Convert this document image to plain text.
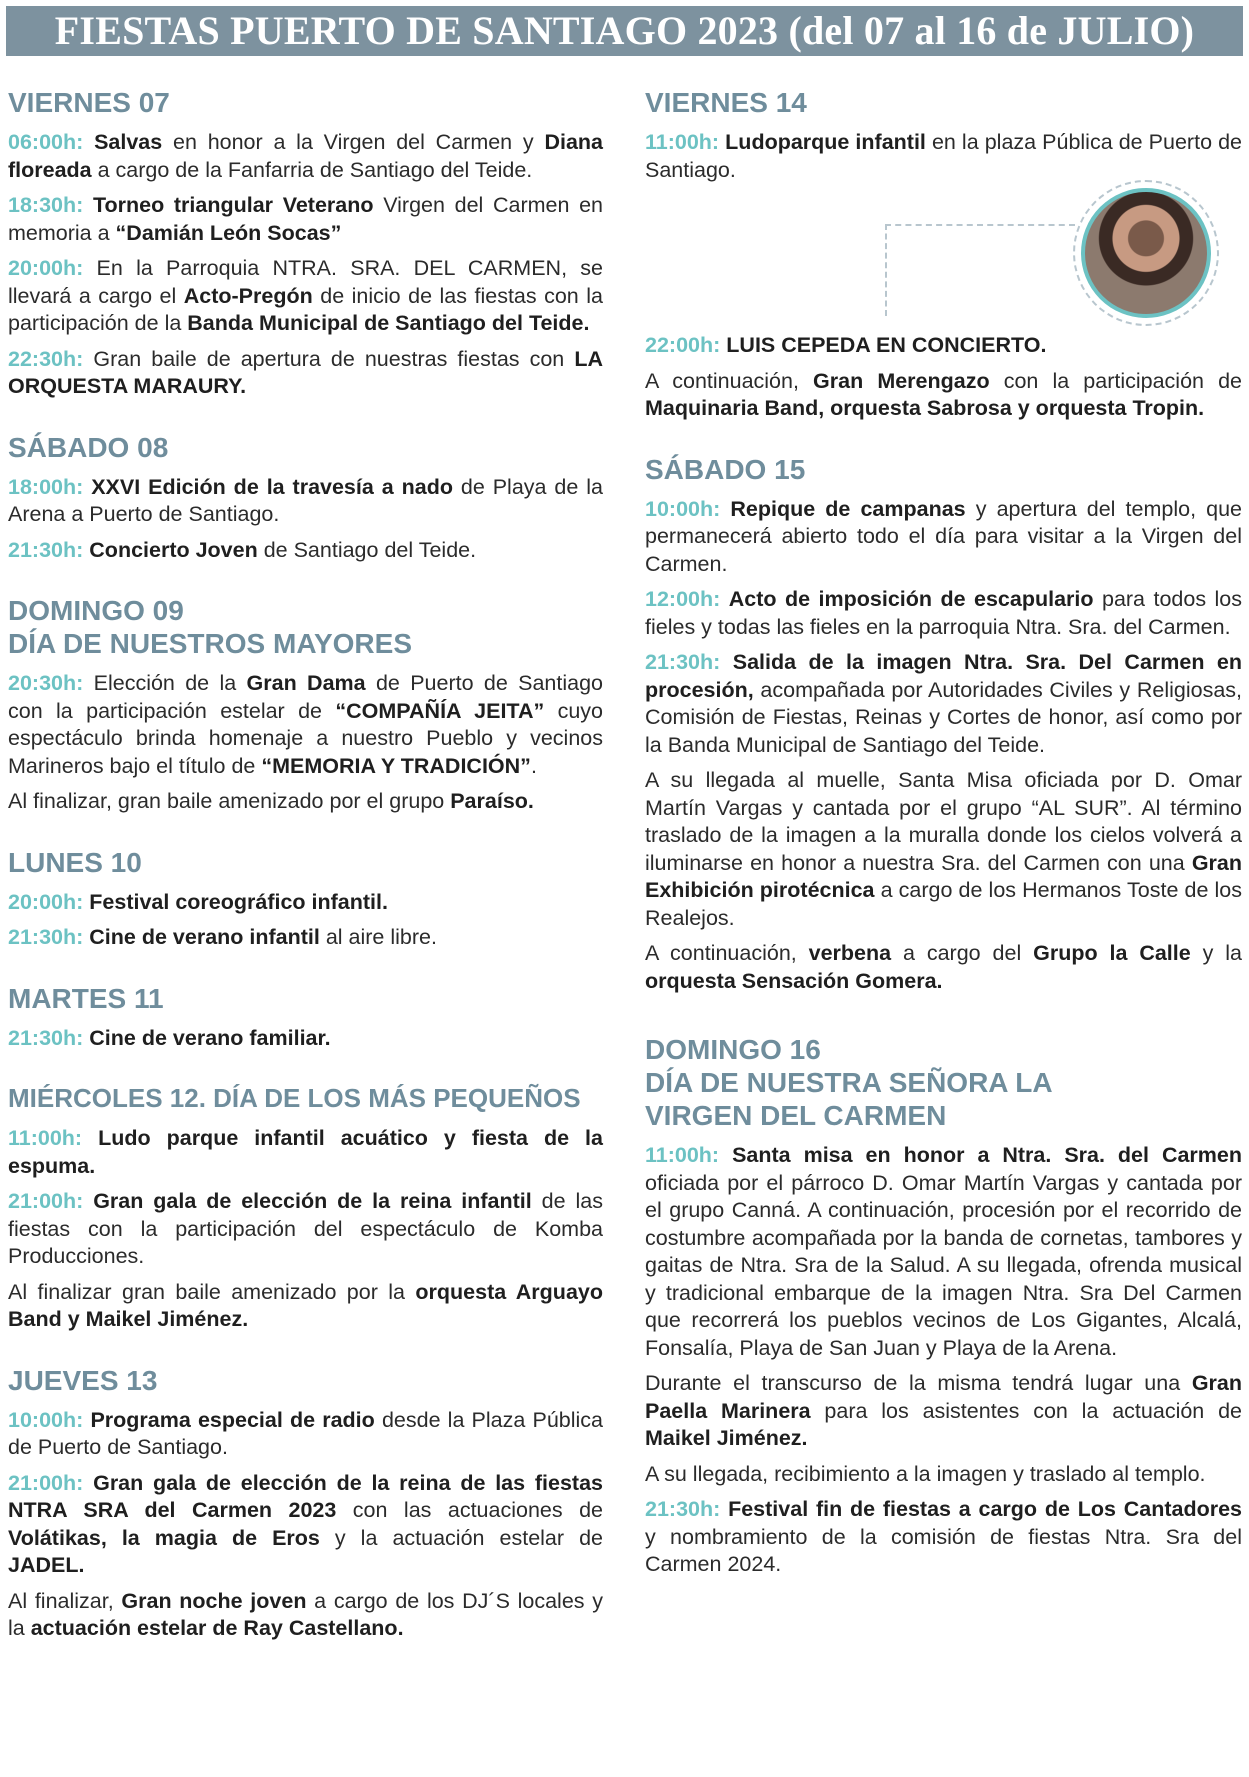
FIESTAS PUERTO DE SANTIAGO 2023 (del 07 al 16 de JULIO)
VIERNES 07
06:00h: Salvas en honor a la Virgen del Carmen y Diana floreada a cargo de la Fanfarria de Santiago del Teide.
18:30h: Torneo triangular Veterano Virgen del Carmen en memoria a “Damián León Socas”
20:00h: En la Parroquia NTRA. SRA. DEL CARMEN, se llevará a cargo el Acto-Pregón de inicio de las fiestas con la participación de la Banda Municipal de Santiago del Teide.
22:30h: Gran baile de apertura de nuestras fiestas con LA ORQUESTA MARAURY.
SÁBADO 08
18:00h: XXVI Edición de la travesía a nado de Playa de la Arena a Puerto de Santiago.
21:30h: Concierto Joven de Santiago del Teide.
DOMINGO 09
DÍA DE NUESTROS MAYORES
20:30h: Elección de la Gran Dama de Puerto de Santiago con la participación estelar de “COMPAÑÍA JEITA” cuyo espectáculo brinda homenaje a nuestro Pueblo y vecinos Marineros bajo el título de “MEMORIA Y TRADICIÓN”.
Al finalizar, gran baile amenizado por el grupo Paraíso.
LUNES 10
20:00h: Festival coreográfico infantil.
21:30h: Cine de verano infantil al aire libre.
MARTES 11
21:30h: Cine de verano familiar.
MIÉRCOLES 12. DÍA DE LOS MÁS PEQUEÑOS
11:00h: Ludo parque infantil acuático y fiesta de la espuma.
21:00h: Gran gala de elección de la reina infantil de las fiestas con la participación del espectáculo de Komba Producciones.
Al finalizar gran baile amenizado por la orquesta Arguayo Band y Maikel Jiménez.
JUEVES 13
10:00h: Programa especial de radio desde la Plaza Pública de Puerto de Santiago.
21:00h: Gran gala de elección de la reina de las fiestas NTRA SRA del Carmen 2023 con las actuaciones de Volátikas, la magia de Eros y la actuación estelar de JADEL.
Al finalizar, Gran noche joven a cargo de los DJ´S locales y la actuación estelar de Ray Castellano.
VIERNES 14
11:00h: Ludoparque infantil en la plaza Pública de Puerto de Santiago.
22:00h: LUIS CEPEDA EN CONCIERTO.
A continuación, Gran Merengazo con la participación de Maquinaria Band, orquesta Sabrosa y orquesta Tropin.
SÁBADO 15
10:00h: Repique de campanas y apertura del templo, que permanecerá abierto todo el día para visitar a la Virgen del Carmen.
12:00h: Acto de imposición de escapulario para todos los fieles y todas las fieles en la parroquia Ntra. Sra. del Carmen.
21:30h: Salida de la imagen Ntra. Sra. Del Carmen en procesión, acompañada por Autoridades Civiles y Religiosas, Comisión de Fiestas, Reinas y Cortes de honor, así como por la Banda Municipal de Santiago del Teide.
A su llegada al muelle, Santa Misa oficiada por D. Omar Martín Vargas y cantada por el grupo “AL SUR”. Al término traslado de la imagen a la muralla donde los cielos volverá a iluminarse en honor a nuestra Sra. del Carmen con una Gran Exhibición pirotécnica a cargo de los Hermanos Toste de los Realejos.
A continuación, verbena a cargo del Grupo la Calle y la orquesta Sensación Gomera.
DOMINGO 16
DÍA DE NUESTRA SEÑORA LA
VIRGEN DEL CARMEN
11:00h: Santa misa en honor a Ntra. Sra. del Carmen oficiada por el párroco D. Omar Martín Vargas y cantada por el grupo Canná. A continuación, procesión por el recorrido de costumbre acompañada por la banda de cornetas, tambores y gaitas de Ntra. Sra de la Salud. A su llegada, ofrenda musical y tradicional embarque de la imagen Ntra. Sra Del Carmen que recorrerá los pueblos vecinos de Los Gigantes, Alcalá, Fonsalía, Playa de San Juan y Playa de la Arena.
Durante el transcurso de la misma tendrá lugar una Gran Paella Marinera para los asistentes con la actuación de Maikel Jiménez.
A su llegada, recibimiento a la imagen y traslado al templo.
21:30h: Festival fin de fiestas a cargo de Los Cantadores y nombramiento de la comisión de fiestas Ntra. Sra del Carmen 2024.
